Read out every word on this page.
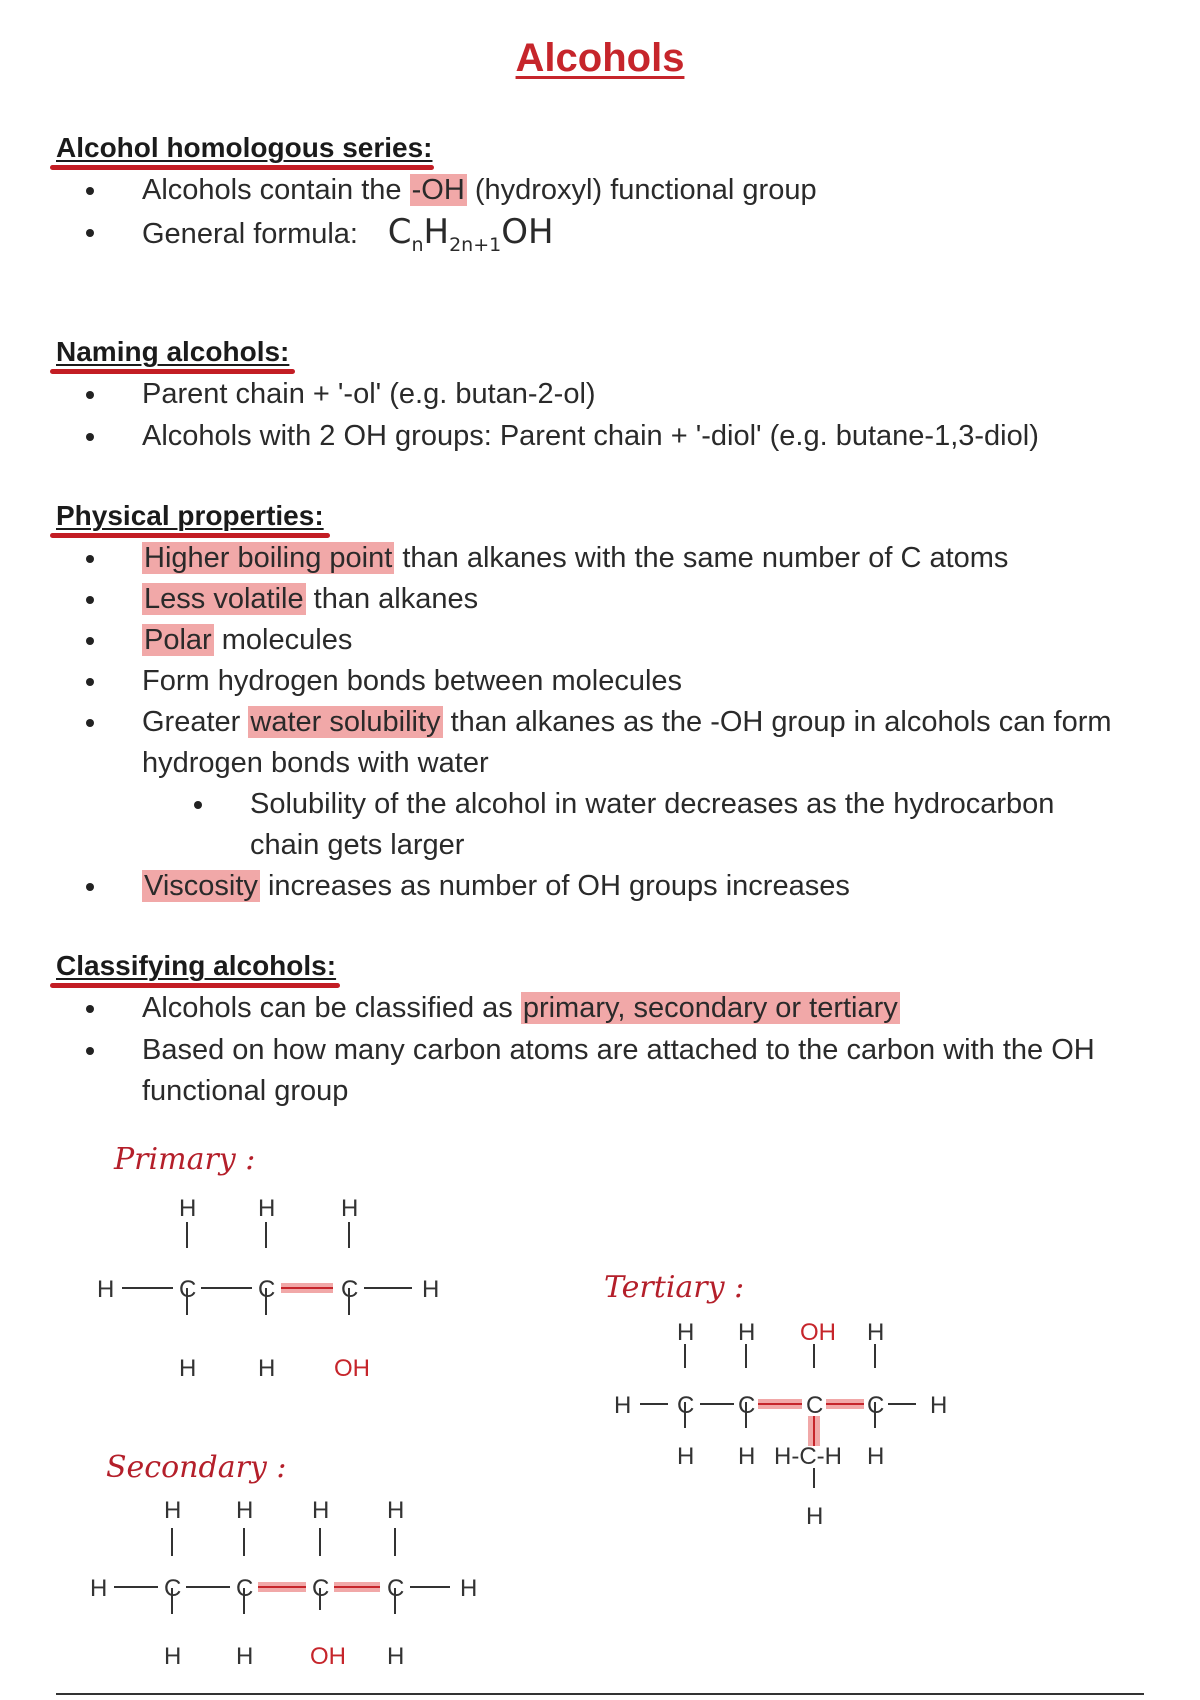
Alcohols
Alcohol homologous series:
Alcohols contain the -OH (hydroxyl) functional group
General formula: $C_nH_{2n+1}OH$
Naming alcohols:
Parent chain + '-ol' (e.g. butan-2-ol)
Alcohols with 2 OH groups: Parent chain + '-diol' (e.g. butane-1,3-diol)
Physical properties:
Higher boiling point than alkanes with the same number of C atoms
Less volatile than alkanes
Polar molecules
Form hydrogen bonds between molecules
Greater water solubility than alkanes as the -OH group in alcohols can form hydrogen bonds with water
Solubility of the alcohol in water decreases as the hydrocarbon chain gets larger
Viscosity increases as number of OH groups increases
Classifying alcohols:
Alcohols can be classified as primary, secondary or tertiary
Based on how many carbon atoms are attached to the carbon with the OH functional group
Primary :
Tertiary :
Secondary :
H	C	C	C	H
H	H	H
H	H OH
H C C C C H
H H H H
H H OH H
H C C C C H
H H OH H
H H H-C-H H
H
